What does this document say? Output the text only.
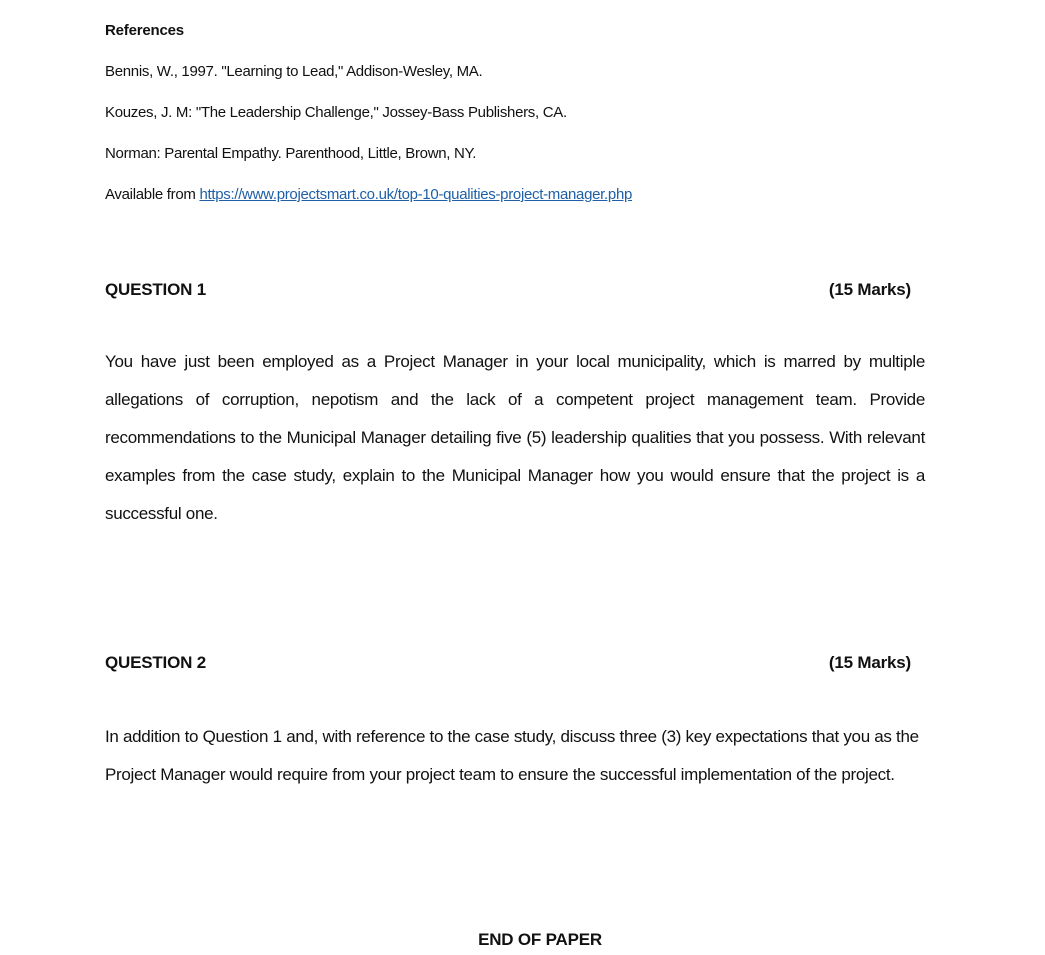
References
Bennis, W., 1997. "Learning to Lead," Addison-Wesley, MA.
Kouzes, J. M: "The Leadership Challenge," Jossey-Bass Publishers, CA.
Norman: Parental Empathy. Parenthood, Little, Brown, NY.
Available from https://www.projectsmart.co.uk/top-10-qualities-project-manager.php
QUESTION 1	(15 Marks)
You have just been employed as a Project Manager in your local municipality, which is marred by multiple allegations of corruption, nepotism and the lack of a competent project management team. Provide recommendations to the Municipal Manager detailing five (5) leadership qualities that you possess. With relevant examples from the case study, explain to the Municipal Manager how you would ensure that the project is a successful one.
QUESTION 2	(15 Marks)
In addition to Question 1 and, with reference to the case study, discuss three (3) key expectations that you as the Project Manager would require from your project team to ensure the successful implementation of the project.
END OF PAPER
